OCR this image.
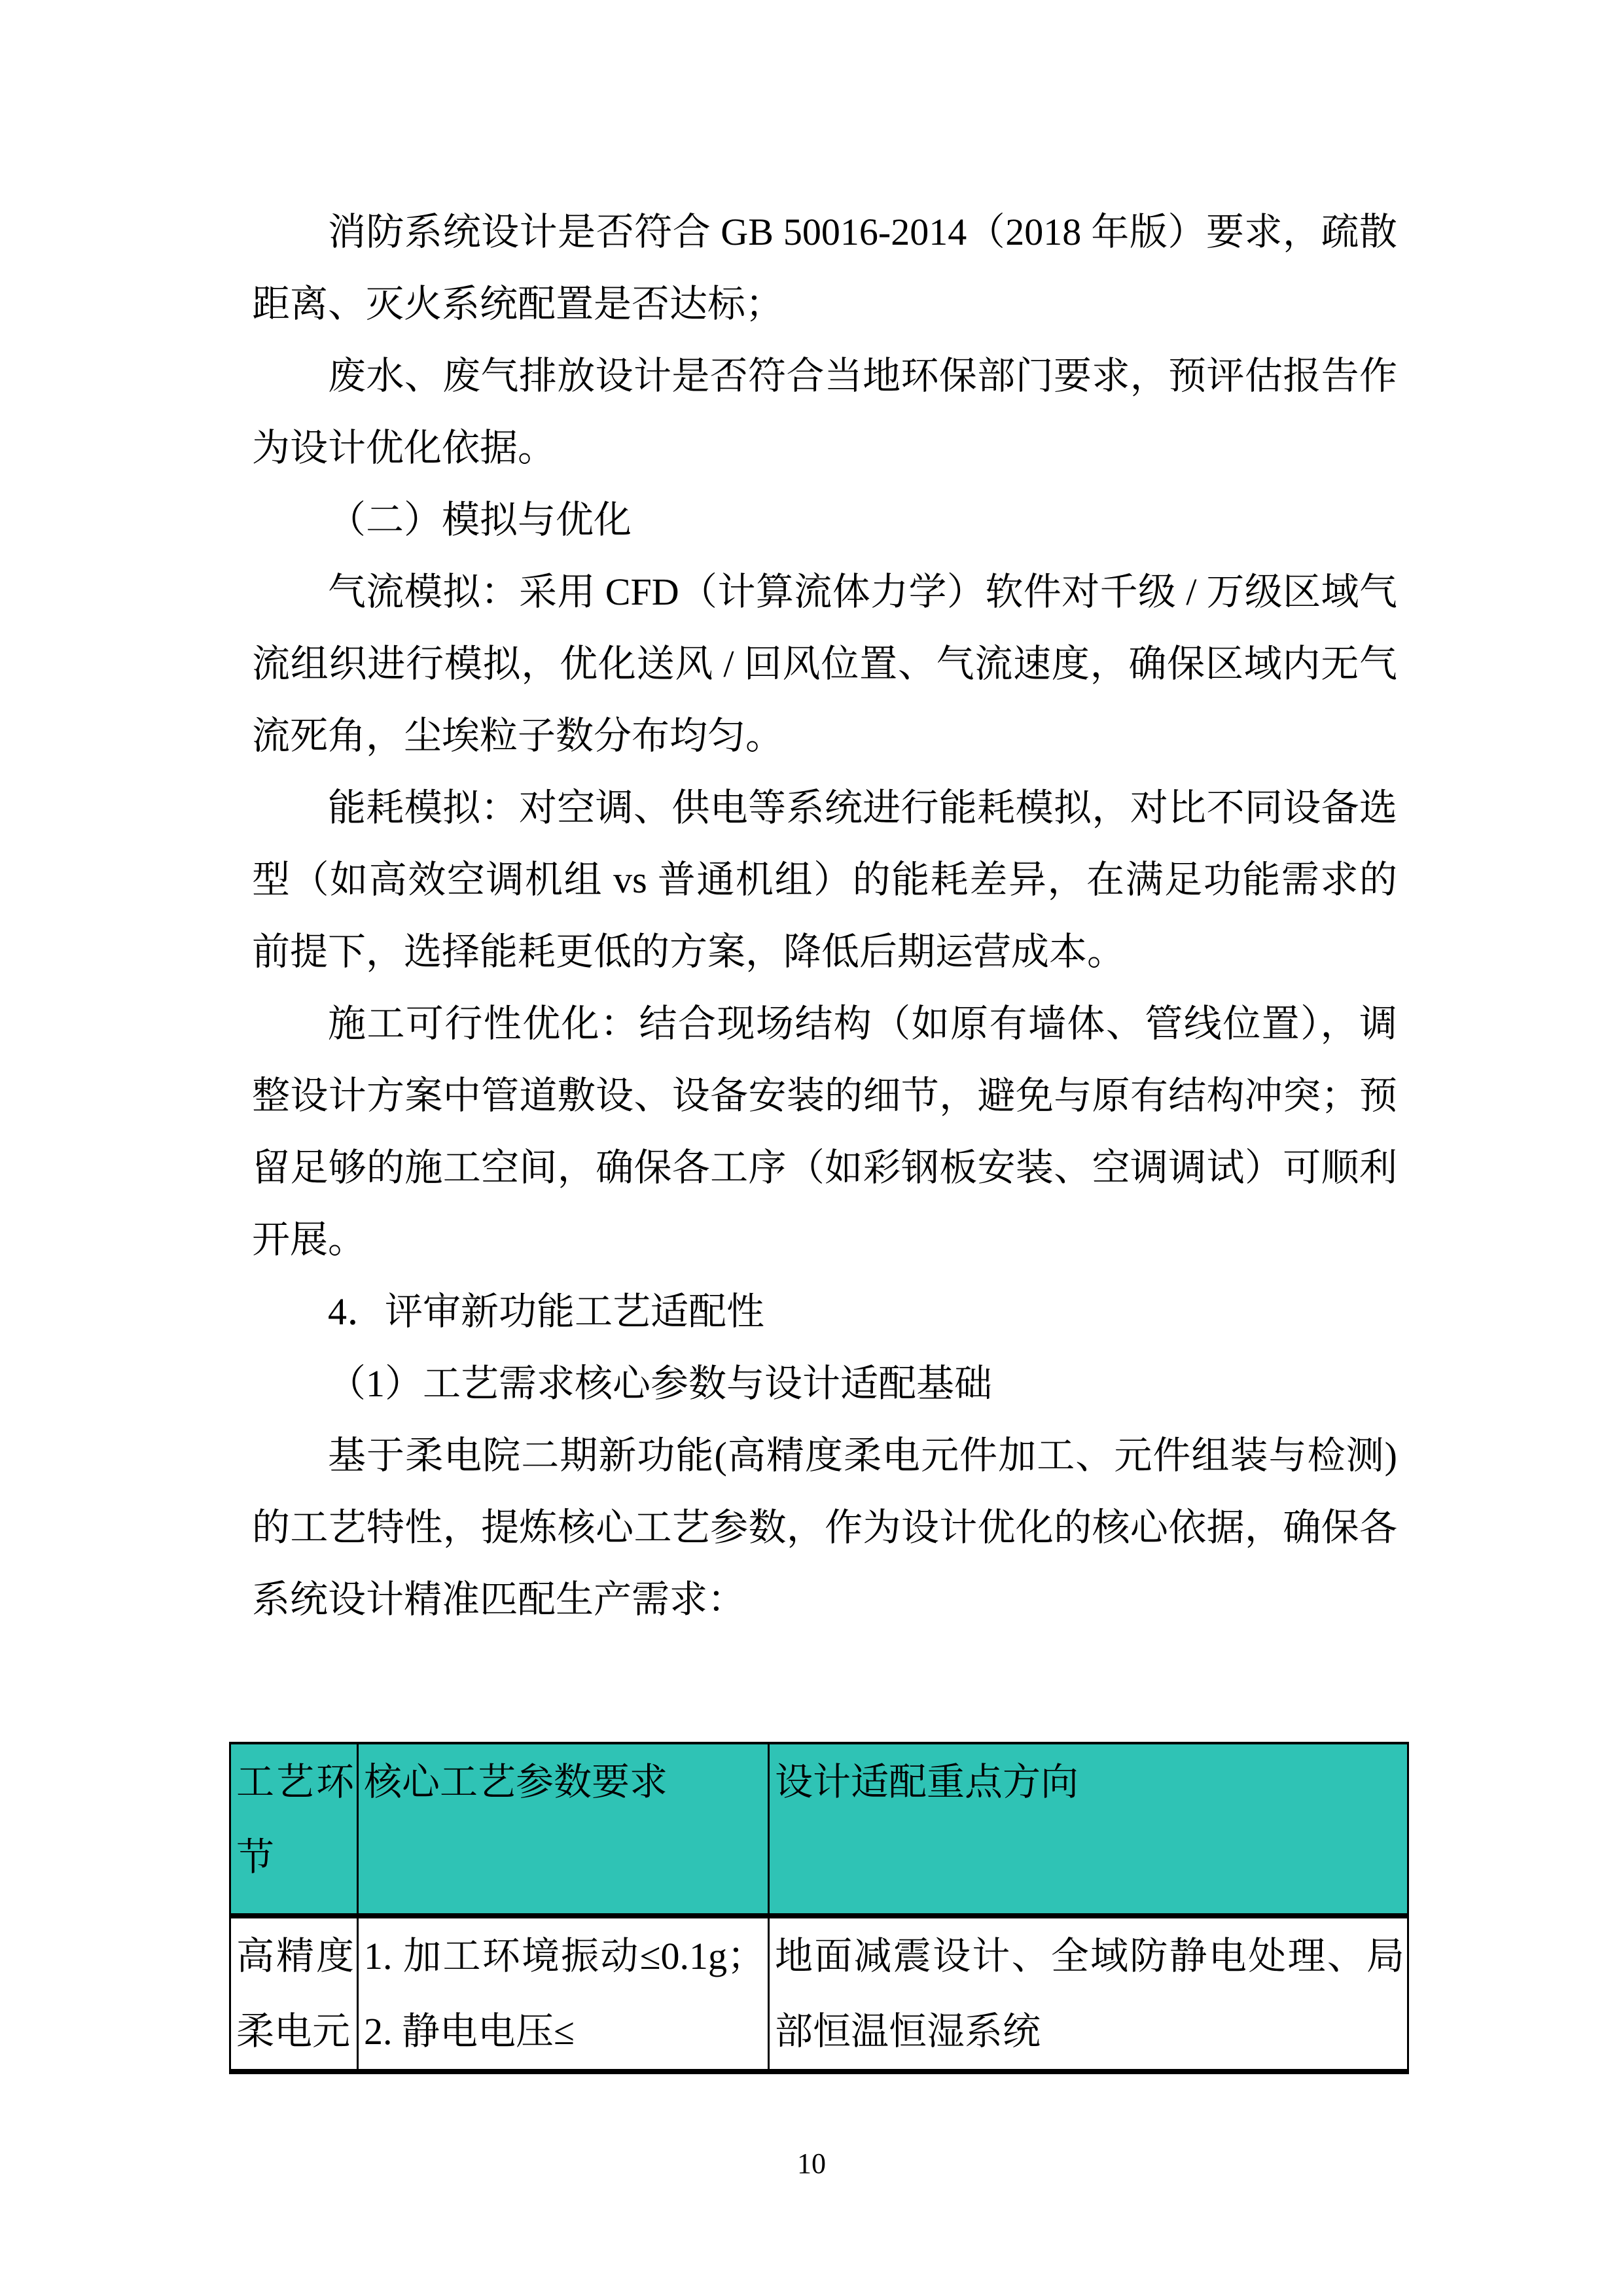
消防系统设计是否符合 GB 50016-2014（2018 年版）要求，疏散距离、灭火系统配置是否达标；

废水、废气排放设计是否符合当地环保部门要求，预评估报告作为设计优化依据。

（二）模拟与优化

气流模拟：采用 CFD（计算流体力学）软件对千级 / 万级区域气流组织进行模拟，优化送风 / 回风位置、气流速度，确保区域内无气流死角，尘埃粒子数分布均匀。

能耗模拟：对空调、供电等系统进行能耗模拟，对比不同设备选型（如高效空调机组 vs 普通机组）的能耗差异，在满足功能需求的前提下，选择能耗更低的方案，降低后期运营成本。

施工可行性优化：结合现场结构（如原有墙体、管线位置），调整设计方案中管道敷设、设备安装的细节，避免与原有结构冲突；预留足够的施工空间，确保各工序（如彩钢板安装、空调调试）可顺利开展。

4．评审新功能工艺适配性

（1）工艺需求核心参数与设计适配基础

基于柔电院二期新功能(高精度柔电元件加工、元件组装与检测)的工艺特性，提炼核心工艺参数，作为设计优化的核心依据，确保各系统设计精准匹配生产需求：

工艺环节	核心工艺参数要求	设计适配重点方向
高精度柔电元	1. 加工环境振动≤0.1g；2. 静电电压≤	地面减震设计、全域防静电处理、局部恒温恒湿系统
10
